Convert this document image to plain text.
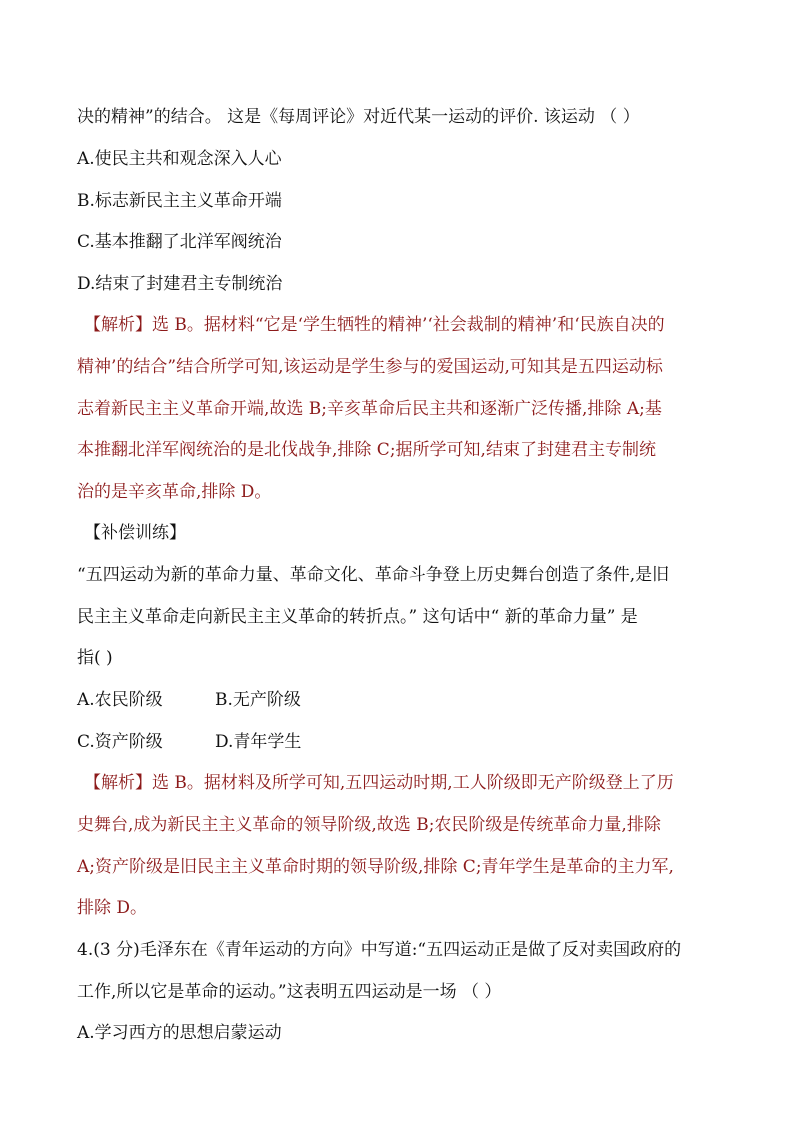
决的精神”的结合。 这是《每周评论》对近代某一运动的评价. 该运动 （ ）
A.使民主共和观念深入人心
B.标志新民主主义革命开端
C.基本推翻了北洋军阀统治
D.结束了封建君主专制统治
【解析】选 B。据材料“它是‘学生牺牲的精神’‘社会裁制的精神’和‘民族自决的
精神’的结合”结合所学可知,该运动是学生参与的爱国运动,可知其是五四运动标
志着新民主主义革命开端,故选 B;辛亥革命后民主共和逐渐广泛传播,排除 A;基
本推翻北洋军阀统治的是北伐战争,排除 C;据所学可知,结束了封建君主专制统
治的是辛亥革命,排除 D。
【补偿训练】
“五四运动为新的革命力量、革命文化、革命斗争登上历史舞台创造了条件,是旧
民主主义革命走向新民主主义革命的转折点。” 这句话中“ 新的革命力量” 是
指( )
A.农民阶级	B.无产阶级
C.资产阶级	D.青年学生
【解析】选 B。据材料及所学可知,五四运动时期,工人阶级即无产阶级登上了历
史舞台,成为新民主主义革命的领导阶级,故选 B;农民阶级是传统革命力量,排除
A;资产阶级是旧民主主义革命时期的领导阶级,排除 C;青年学生是革命的主力军,
排除 D。
4.(3 分)毛泽东在《青年运动的方向》中写道:“五四运动正是做了反对卖国政府的
工作,所以它是革命的运动。”这表明五四运动是一场 （ ）
A.学习西方的思想启蒙运动
